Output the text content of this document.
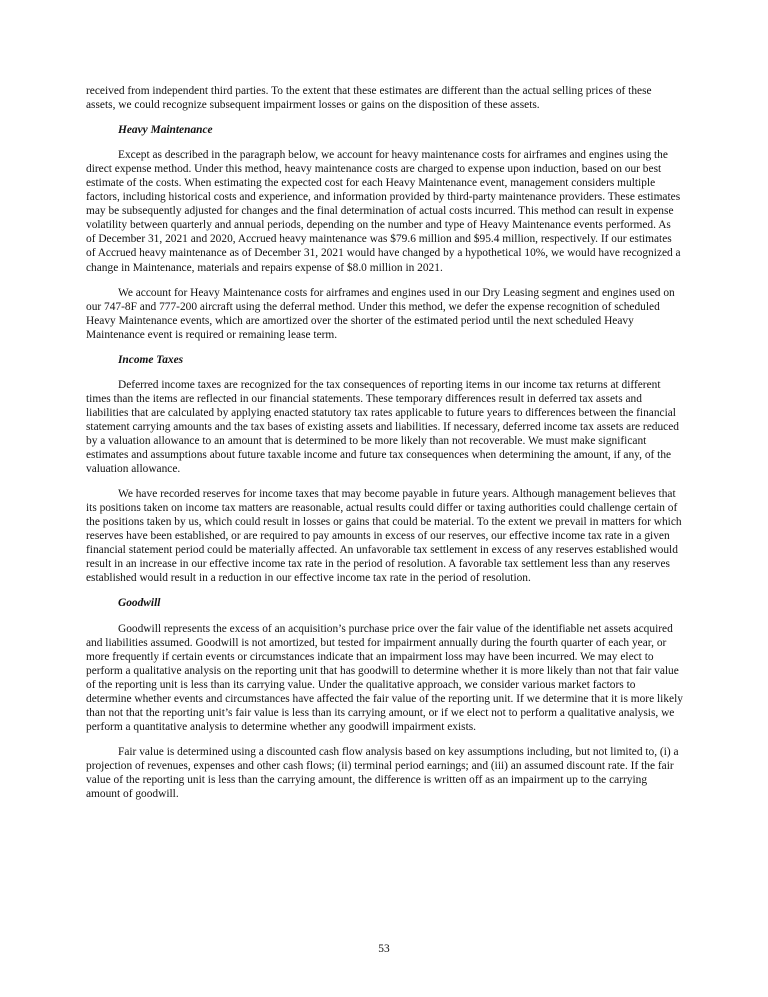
received from independent third parties. To the extent that these estimates are different than the actual selling prices of these assets, we could recognize subsequent impairment losses or gains on the disposition of these assets.

Heavy Maintenance

Except as described in the paragraph below, we account for heavy maintenance costs for airframes and engines using the direct expense method. Under this method, heavy maintenance costs are charged to expense upon induction, based on our best estimate of the costs. When estimating the expected cost for each Heavy Maintenance event, management considers multiple factors, including historical costs and experience, and information provided by third-party maintenance providers. These estimates may be subsequently adjusted for changes and the final determination of actual costs incurred. This method can result in expense volatility between quarterly and annual periods, depending on the number and type of Heavy Maintenance events performed. As of December 31, 2021 and 2020, Accrued heavy maintenance was $79.6 million and $95.4 million, respectively. If our estimates of Accrued heavy maintenance as of December 31, 2021 would have changed by a hypothetical 10%, we would have recognized a change in Maintenance, materials and repairs expense of $8.0 million in 2021.

We account for Heavy Maintenance costs for airframes and engines used in our Dry Leasing segment and engines used on our 747-8F and 777-200 aircraft using the deferral method. Under this method, we defer the expense recognition of scheduled Heavy Maintenance events, which are amortized over the shorter of the estimated period until the next scheduled Heavy Maintenance event is required or remaining lease term.

Income Taxes

Deferred income taxes are recognized for the tax consequences of reporting items in our income tax returns at different times than the items are reflected in our financial statements. These temporary differences result in deferred tax assets and liabilities that are calculated by applying enacted statutory tax rates applicable to future years to differences between the financial statement carrying amounts and the tax bases of existing assets and liabilities. If necessary, deferred income tax assets are reduced by a valuation allowance to an amount that is determined to be more likely than not recoverable. We must make significant estimates and assumptions about future taxable income and future tax consequences when determining the amount, if any, of the valuation allowance.

We have recorded reserves for income taxes that may become payable in future years. Although management believes that its positions taken on income tax matters are reasonable, actual results could differ or taxing authorities could challenge certain of the positions taken by us, which could result in losses or gains that could be material. To the extent we prevail in matters for which reserves have been established, or are required to pay amounts in excess of our reserves, our effective income tax rate in a given financial statement period could be materially affected. An unfavorable tax settlement in excess of any reserves established would result in an increase in our effective income tax rate in the period of resolution. A favorable tax settlement less than any reserves established would result in a reduction in our effective income tax rate in the period of resolution.

Goodwill

Goodwill represents the excess of an acquisition’s purchase price over the fair value of the identifiable net assets acquired and liabilities assumed. Goodwill is not amortized, but tested for impairment annually during the fourth quarter of each year, or more frequently if certain events or circumstances indicate that an impairment loss may have been incurred. We may elect to perform a qualitative analysis on the reporting unit that has goodwill to determine whether it is more likely than not that fair value of the reporting unit is less than its carrying value. Under the qualitative approach, we consider various market factors to determine whether events and circumstances have affected the fair value of the reporting unit. If we determine that it is more likely than not that the reporting unit’s fair value is less than its carrying amount, or if we elect not to perform a qualitative analysis, we perform a quantitative analysis to determine whether any goodwill impairment exists.

Fair value is determined using a discounted cash flow analysis based on key assumptions including, but not limited to, (i) a projection of revenues, expenses and other cash flows; (ii) terminal period earnings; and (iii) an assumed discount rate. If the fair value of the reporting unit is less than the carrying amount, the difference is written off as an impairment up to the carrying amount of goodwill.

53
